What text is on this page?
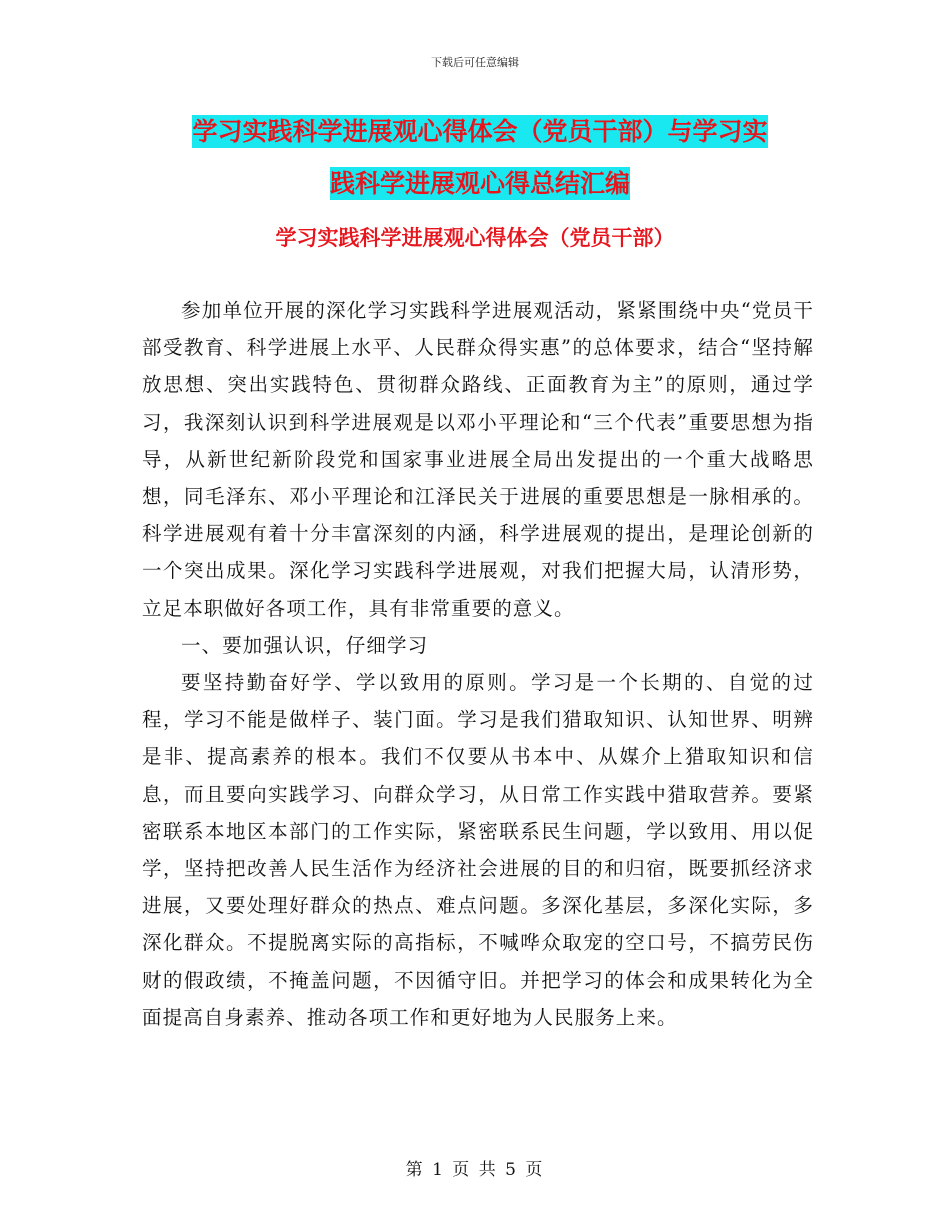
下载后可任意编辑
学习实践科学进展观心得体会（党员干部）与学习实
践科学进展观心得总结汇编
学习实践科学进展观心得体会（党员干部）

参加单位开展的深化学习实践科学进展观活动，紧紧围绕中央“党员干部受教育、科学进展上水平、人民群众得实惠”的总体要求，结合“坚持解放思想、突出实践特色、贯彻群众路线、正面教育为主”的原则，通过学习，我深刻认识到科学进展观是以邓小平理论和“三个代表”重要思想为指导，从新世纪新阶段党和国家事业进展全局出发提出的一个重大战略思想，同毛泽东、邓小平理论和江泽民关于进展的重要思想是一脉相承的。科学进展观有着十分丰富深刻的内涵，科学进展观的提出，是理论创新的一个突出成果。深化学习实践科学进展观，对我们把握大局，认清形势，立足本职做好各项工作，具有非常重要的意义。

一、要加强认识，仔细学习

要坚持勤奋好学、学以致用的原则。学习是一个长期的、自觉的过程，学习不能是做样子、装门面。学习是我们猎取知识、认知世界、明辨是非、提高素养的根本。我们不仅要从书本中、从媒介上猎取知识和信息，而且要向实践学习、向群众学习，从日常工作实践中猎取营养。要紧密联系本地区本部门的工作实际，紧密联系民生问题，学以致用、用以促学，坚持把改善人民生活作为经济社会进展的目的和归宿，既要抓经济求进展，又要处理好群众的热点、难点问题。多深化基层，多深化实际，多深化群众。不提脱离实际的高指标，不喊哗众取宠的空口号，不搞劳民伤财的假政绩，不掩盖问题，不因循守旧。并把学习的体会和成果转化为全面提高自身素养、推动各项工作和更好地为人民服务上来。

第 1 页 共 5 页
